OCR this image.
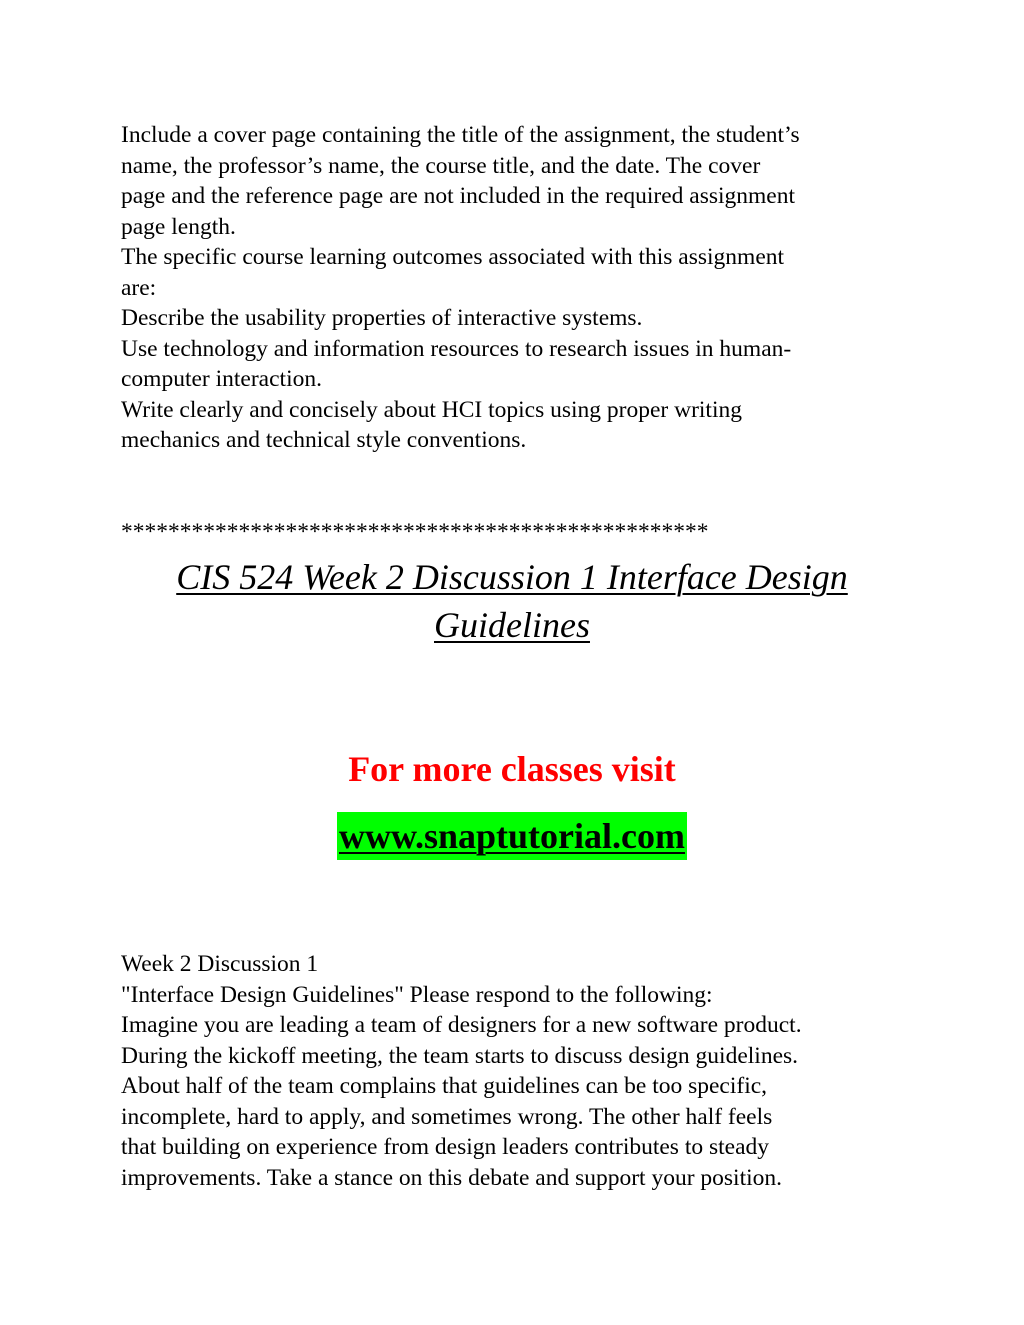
Include a cover page containing the title of the assignment, the student’s
name, the professor’s name, the course title, and the date. The cover
page and the reference page are not included in the required assignment
page length.
The specific course learning outcomes associated with this assignment
are:
Describe the usability properties of interactive systems.
Use technology and information resources to research issues in human-
computer interaction.
Write clearly and concisely about HCI topics using proper writing
mechanics and technical style conventions.
**************************************************
CIS 524 Week 2 Discussion 1 Interface Design
Guidelines
For more classes visit
www.snaptutorial.com
Week 2 Discussion 1
"Interface Design Guidelines" Please respond to the following:
Imagine you are leading a team of designers for a new software product.
During the kickoff meeting, the team starts to discuss design guidelines.
About half of the team complains that guidelines can be too specific,
incomplete, hard to apply, and sometimes wrong. The other half feels
that building on experience from design leaders contributes to steady
improvements. Take a stance on this debate and support your position.
